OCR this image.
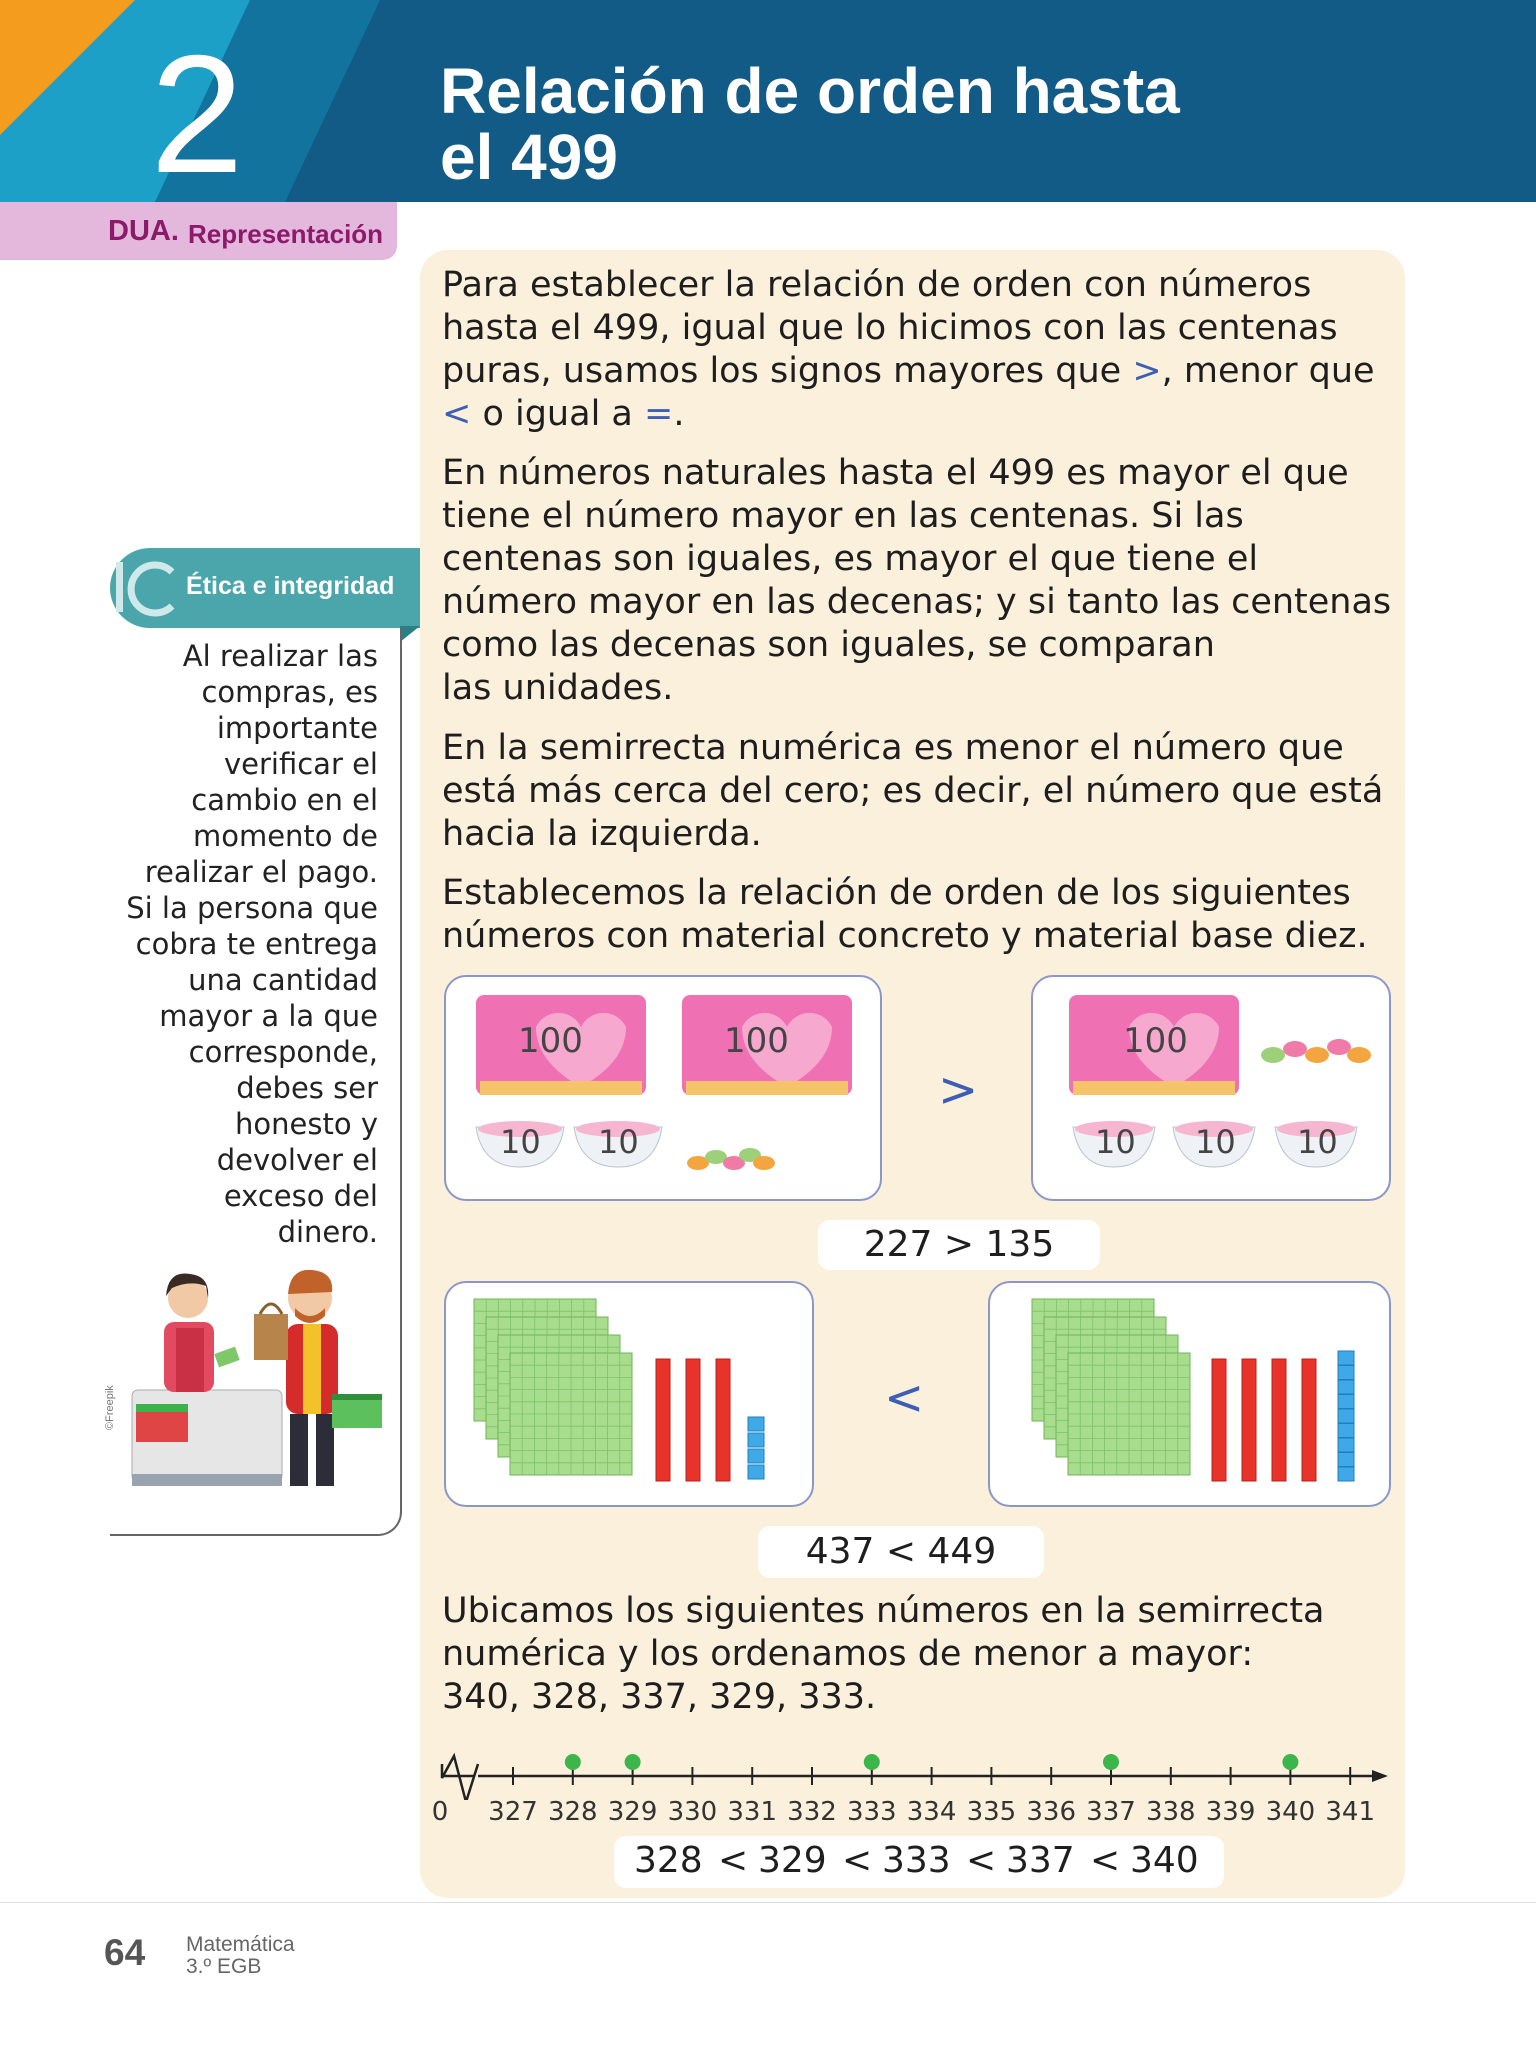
2	Relación de orden hasta
el 499
DUA. Representación
Ética e integridad
Al realizar las
compras, es
importante
verificar el
cambio en el
momento de
realizar el pago.
Si la persona que
cobra te entrega
una cantidad
mayor a la que
corresponde,
debes ser
honesto y
devolver el
exceso del
dinero.
©Freepik
Para establecer la relación de orden con números
hasta el 499, igual que lo hicimos con las centenas
puras, usamos los signos mayores que >, menor que
< o igual a =.
En números naturales hasta el 499 es mayor el que
tiene el número mayor en las centenas. Si las
centenas son iguales, es mayor el que tiene el
número mayor en las decenas; y si tanto las centenas
como las decenas son iguales, se comparan
las unidades.
En la semirrecta numérica es menor el número que
está más cerca del cero; es decir, el número que está
hacia la izquierda.
Establecemos la relación de orden de los siguientes
números con material concreto y material base diez.
100	100
10 10
>
100
10 10 10
227 > 135
<
437 < 449
Ubicamos los siguientes números en la semirrecta
numérica y los ordenamos de menor a mayor:
340, 328, 337, 329, 333.
327 328 329 330 331 332 333 334 335 336 337 338 339 340 341
0
328 < 329 < 333 < 337 < 340
64 Matemática
3.º EGB
